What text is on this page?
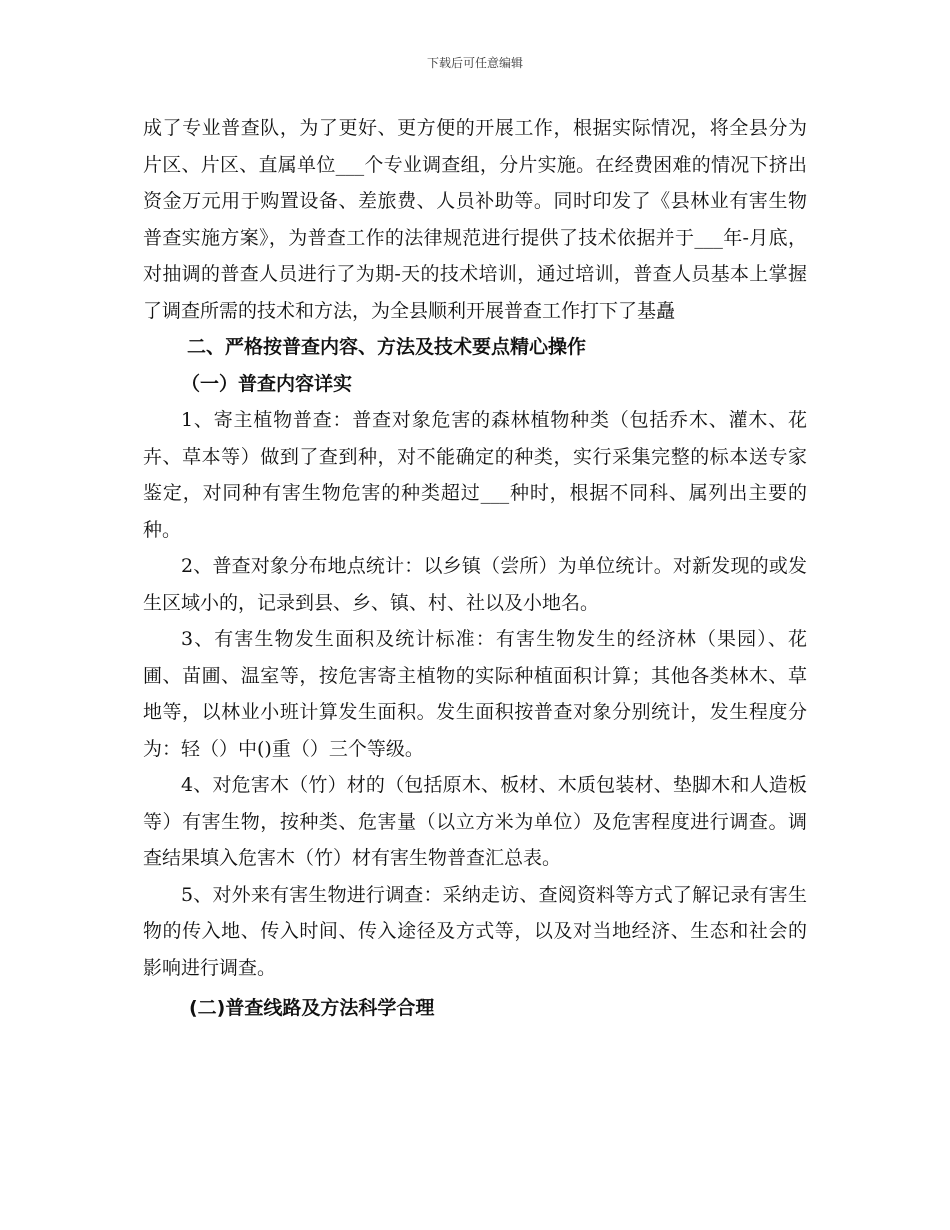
下载后可任意编辑

成了专业普查队，为了更好、更方便的开展工作，根据实际情况，将全县分为片区、片区、直属单位___个专业调查组，分片实施。在经费困难的情况下挤出资金万元用于购置设备、差旅费、人员补助等。同时印发了《县林业有害生物普查实施方案》，为普查工作的法律规范进行提供了技术依据并于___年-月底，对抽调的普查人员进行了为期-天的技术培训，通过培训，普查人员基本上掌握了调查所需的技术和方法，为全县顺利开展普查工作打下了基矗

二、严格按普查内容、方法及技术要点精心操作

（一）普查内容详实

1、寄主植物普查：普查对象危害的森林植物种类（包括乔木、灌木、花卉、草本等）做到了查到种，对不能确定的种类，实行采集完整的标本送专家鉴定，对同种有害生物危害的种类超过___种时，根据不同科、属列出主要的种。

2、普查对象分布地点统计：以乡镇（尝所）为单位统计。对新发现的或发生区域小的，记录到县、乡、镇、村、社以及小地名。

3、有害生物发生面积及统计标准：有害生物发生的经济林（果园）、花圃、苗圃、温室等，按危害寄主植物的实际种植面积计算；其他各类林木、草地等，以林业小班计算发生面积。发生面积按普查对象分别统计，发生程度分为：轻（）中()重（）三个等级。

4、对危害木（竹）材的（包括原木、板材、木质包装材、垫脚木和人造板等）有害生物，按种类、危害量（以立方米为单位）及危害程度进行调查。调查结果填入危害木（竹）材有害生物普查汇总表。

5、对外来有害生物进行调查：采纳走访、查阅资料等方式了解记录有害生物的传入地、传入时间、传入途径及方式等，以及对当地经济、生态和社会的影响进行调查。

(二)普查线路及方法科学合理
